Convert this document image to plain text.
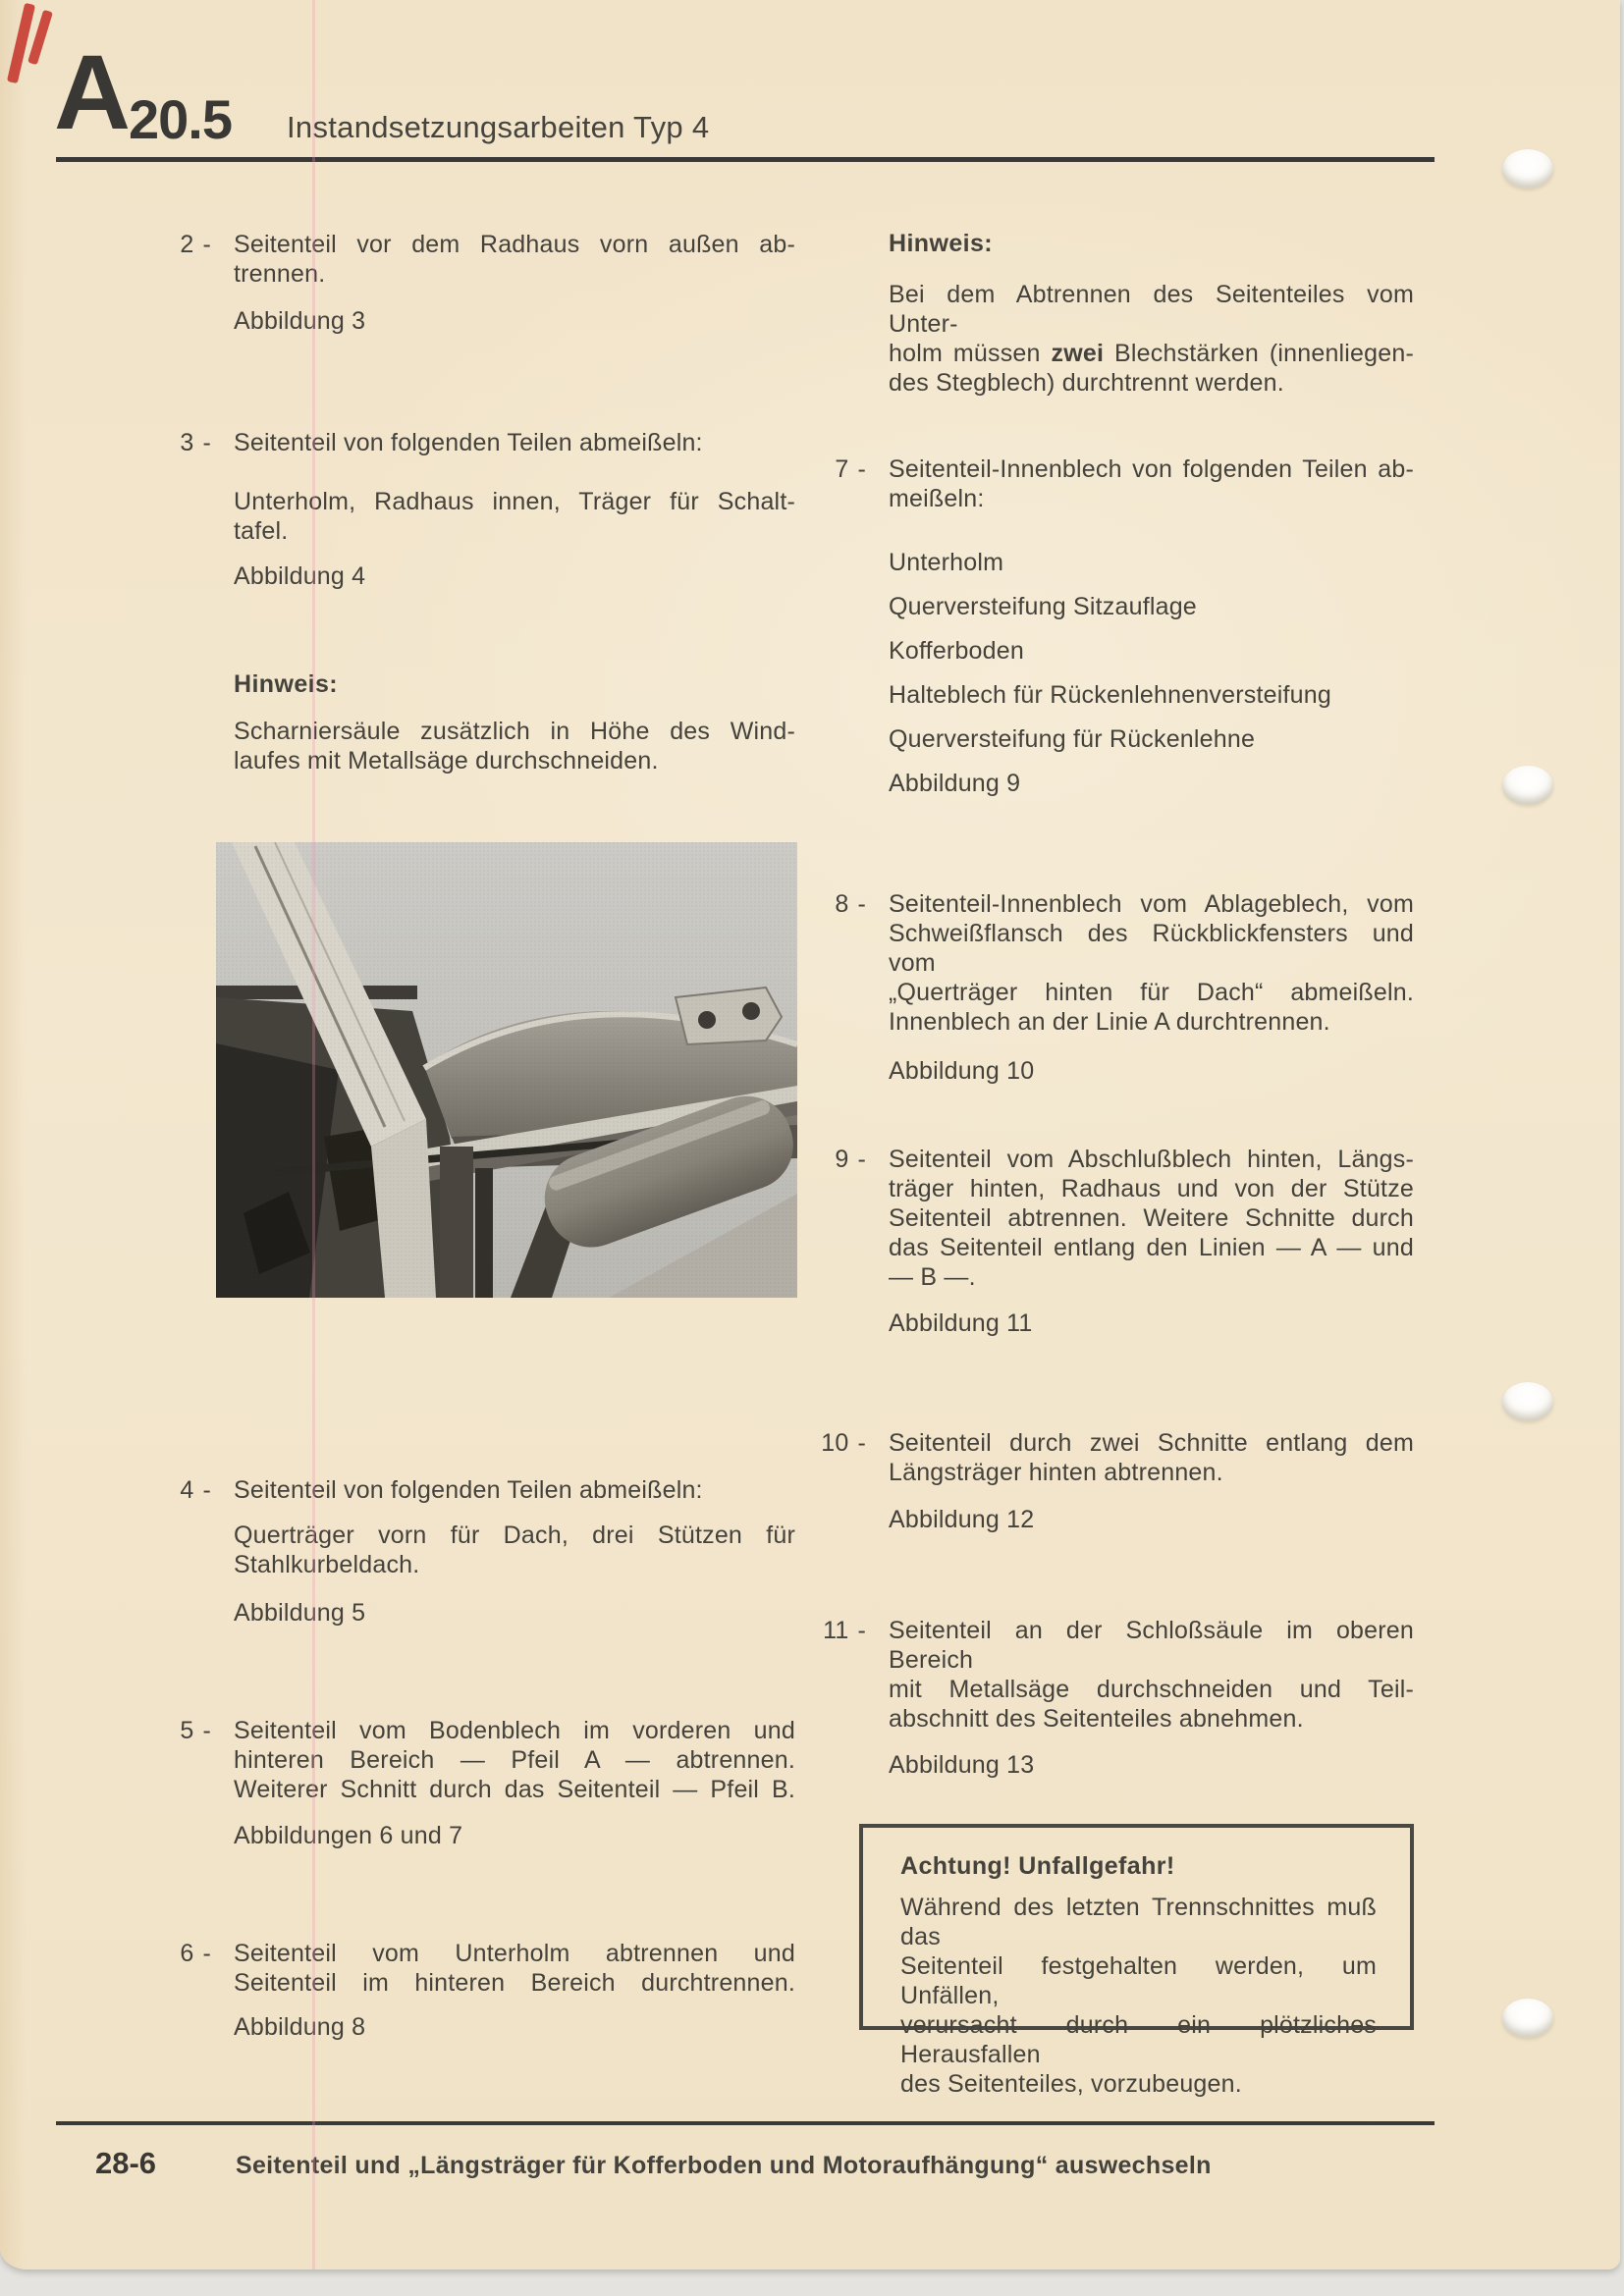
A 20.5 Instandsetzungsarbeiten Typ 4
2 - Seitenteil vor dem Radhaus vorn außen ab-
trennen.
Abbildung 3
3 - Seitenteil von folgenden Teilen abmeißeln:
Unterholm, Radhaus innen, Träger für Schalt-
tafel.
Abbildung 4
Hinweis:
Scharniersäule zusätzlich in Höhe des Wind-
laufes mit Metallsäge durchschneiden.
4 - Seitenteil von folgenden Teilen abmeißeln:
Querträger vorn für Dach, drei Stützen für
Stahlkurbeldach.
Abbildung 5
5 - Seitenteil vom Bodenblech im vorderen und
hinteren Bereich — Pfeil A — abtrennen.
Weiterer Schnitt durch das Seitenteil — Pfeil B.
Abbildungen 6 und 7
6 - Seitenteil vom Unterholm abtrennen und
Seitenteil im hinteren Bereich durchtrennen.
Abbildung 8
Hinweis:
Bei dem Abtrennen des Seitenteiles vom Unter-
holm müssen zwei Blechstärken (innenliegen-
des Stegblech) durchtrennt werden.
7 - Seitenteil-Innenblech von folgenden Teilen ab-
meißeln:
Unterholm
Querversteifung Sitzauflage
Kofferboden
Halteblech für Rückenlehnenversteifung
Querversteifung für Rückenlehne
Abbildung 9
8 - Seitenteil-Innenblech vom Ablageblech, vom
Schweißflansch des Rückblickfensters und vom
„Querträger hinten für Dach“ abmeißeln.
Innenblech an der Linie A durchtrennen.
Abbildung 10
9 - Seitenteil vom Abschlußblech hinten, Längs-
träger hinten, Radhaus und von der Stütze
Seitenteil abtrennen. Weitere Schnitte durch
das Seitenteil entlang den Linien — A — und
— B —.
Abbildung 11
10 - Seitenteil durch zwei Schnitte entlang dem
Längsträger hinten abtrennen.
Abbildung 12
11 - Seitenteil an der Schloßsäule im oberen Bereich
mit Metallsäge durchschneiden und Teil-
abschnitt des Seitenteiles abnehmen.
Abbildung 13
Achtung! Unfallgefahr!
Während des letzten Trennschnittes muß das
Seitenteil festgehalten werden, um Unfällen,
verursacht durch ein plötzliches Herausfallen
des Seitenteiles, vorzubeugen.
28-6	Seitenteil und „Längsträger für Kofferboden und Motoraufhängung“ auswechseln
